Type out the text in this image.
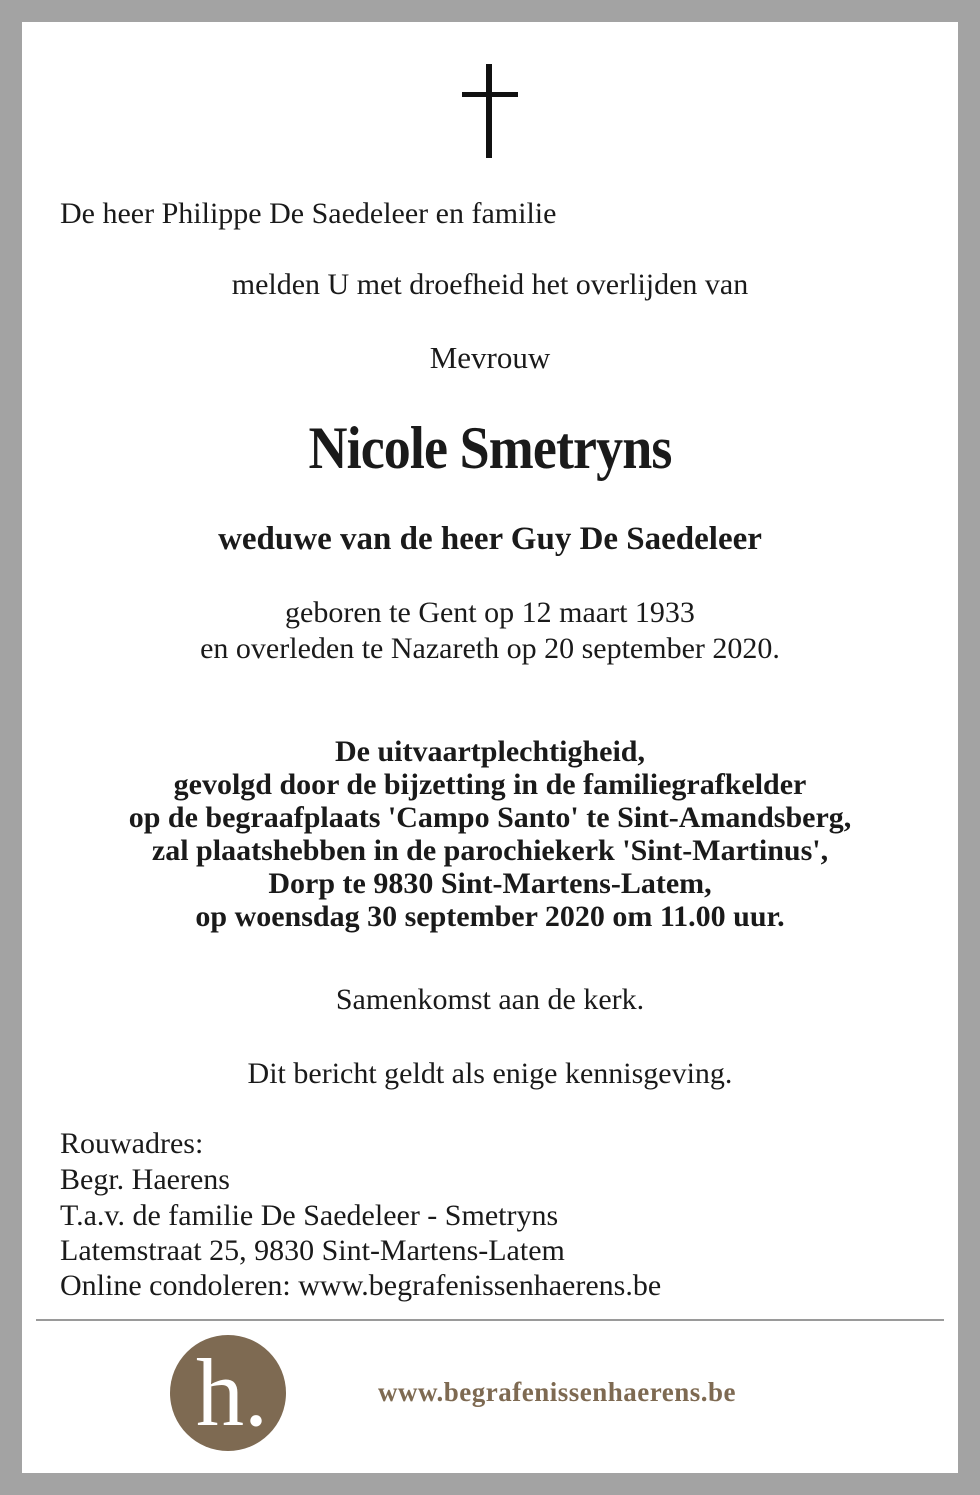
De heer Philippe De Saedeleer en familie
melden U met droefheid het overlijden van
Mevrouw
Nicole Smetryns
weduwe van de heer Guy De Saedeleer
geboren te Gent op 12 maart 1933
en overleden te Nazareth op 20 september 2020.
De uitvaartplechtigheid,
gevolgd door de bijzetting in de familiegrafkelder
op de begraafplaats 'Campo Santo' te Sint-Amandsberg,
zal plaatshebben in de parochiekerk 'Sint-Martinus',
Dorp te 9830 Sint-Martens-Latem,
op woensdag 30 september 2020 om 11.00 uur.
Samenkomst aan de kerk.
Dit bericht geldt als enige kennisgeving.
Rouwadres:
Begr. Haerens
T.a.v. de familie De Saedeleer - Smetryns
Latemstraat 25, 9830 Sint-Martens-Latem
Online condoleren: www.begrafenissenhaerens.be
h.	www.begrafenissenhaerens.be
